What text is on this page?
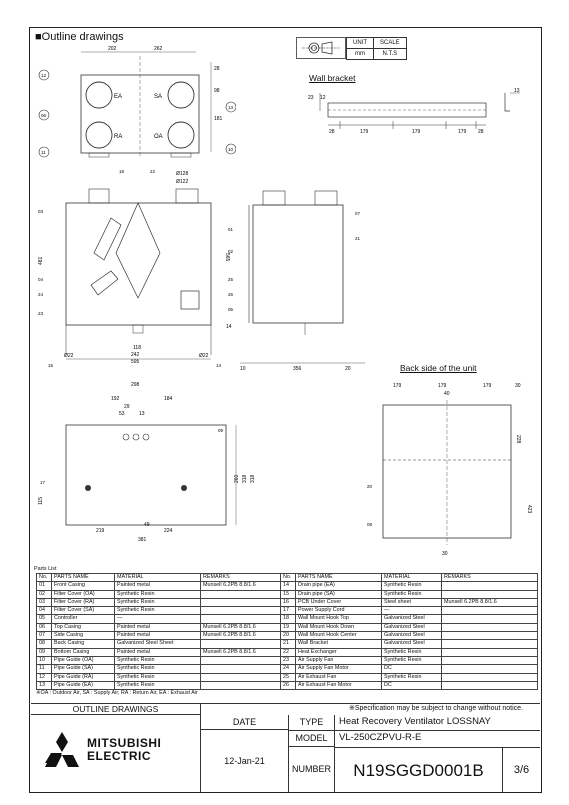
■Outline drawings	UNIT	SCALE
mm	N.T.S
Wall bracket
23 12
28	179	179	179 28
13
202	262
EA	SA
RA	OA
28
98
181
12
13
06
11
10
Ø128
Ø122
481	565
14
118
242
595
Ø22	Ø22
18	22
03
01
02
04
24
23
25
26
05
15	14
10	356	20
07
21
298
192	184
29
53	13
260 318 318
115
219
49
224
381
09
17
Back side of the unit
179	179	179	30
40
228
423
30
20
08
Parts List
No.	PARTS NAME	MATERIAL	REMARKS	No.	PARTS NAME	MATERIAL	REMARKS
01	Front Casing	Painted metal	Munsell 6.2PB 8.8/1.6	14	Drain pipe (EA)	Synthetic Resin	
02	Filter Cover (OA)	Synthetic Resin		15	Drain pipe (SA)	Synthetic Resin	
03	Filter Cover (RA)	Synthetic Resin		16	PCB Under Cover	Steel sheet	Munsell 6.2PB 8.8/1.6
04	Filter Cover (SA)	Synthetic Resin		17	Power Supply Cord	—	
05	Controller	—		18	Wall Mount Hook Top	Galvanized Steel	
06	Top Casing	Painted metal	Munsell 6.2PB 8.8/1.6	19	Wall Mount Hook Down	Galvanized Steel	
07	Side Casing	Painted metal	Munsell 6.2PB 8.8/1.6	20	Wall Mount Hook Center	Galvanized Steel	
08	Back Casing	Galvanized Steel Sheet		21	Wall Bracket	Galvanized Steel	
09	Bottom Casing	Painted metal	Munsell 6.2PB 8.8/1.6	22	Heat Exchanger	Synthetic Resin	
10	Pipe Guide (OA)	Synthetic Resin		23	Air Supply Fan	Synthetic Resin	
11	Pipe Guide (SA)	Synthetic Resin		24	Air Supply Fan Motor	DC	
12	Pipe Guide (RA)	Synthetic Resin		25	Air Exhaust Fan	Synthetic Resin	
13	Pipe Guide (EA)	Synthetic Resin		26	Air Exhaust Fan Motor	DC	
※OA : Outdoor Air, SA : Supply Air, RA : Return Air, EA : Exhaust Air
OUTLINE DRAWINGS	※Specification may be subject to change without notice.
MITSUBISHI
ELECTRIC
DATE
12-Jan-21
TYPE
MODEL
NUMBER
Heat Recovery Ventilator LOSSNAY
VL-250CZPVU-R-E
N19SGGD0001B	3/6
